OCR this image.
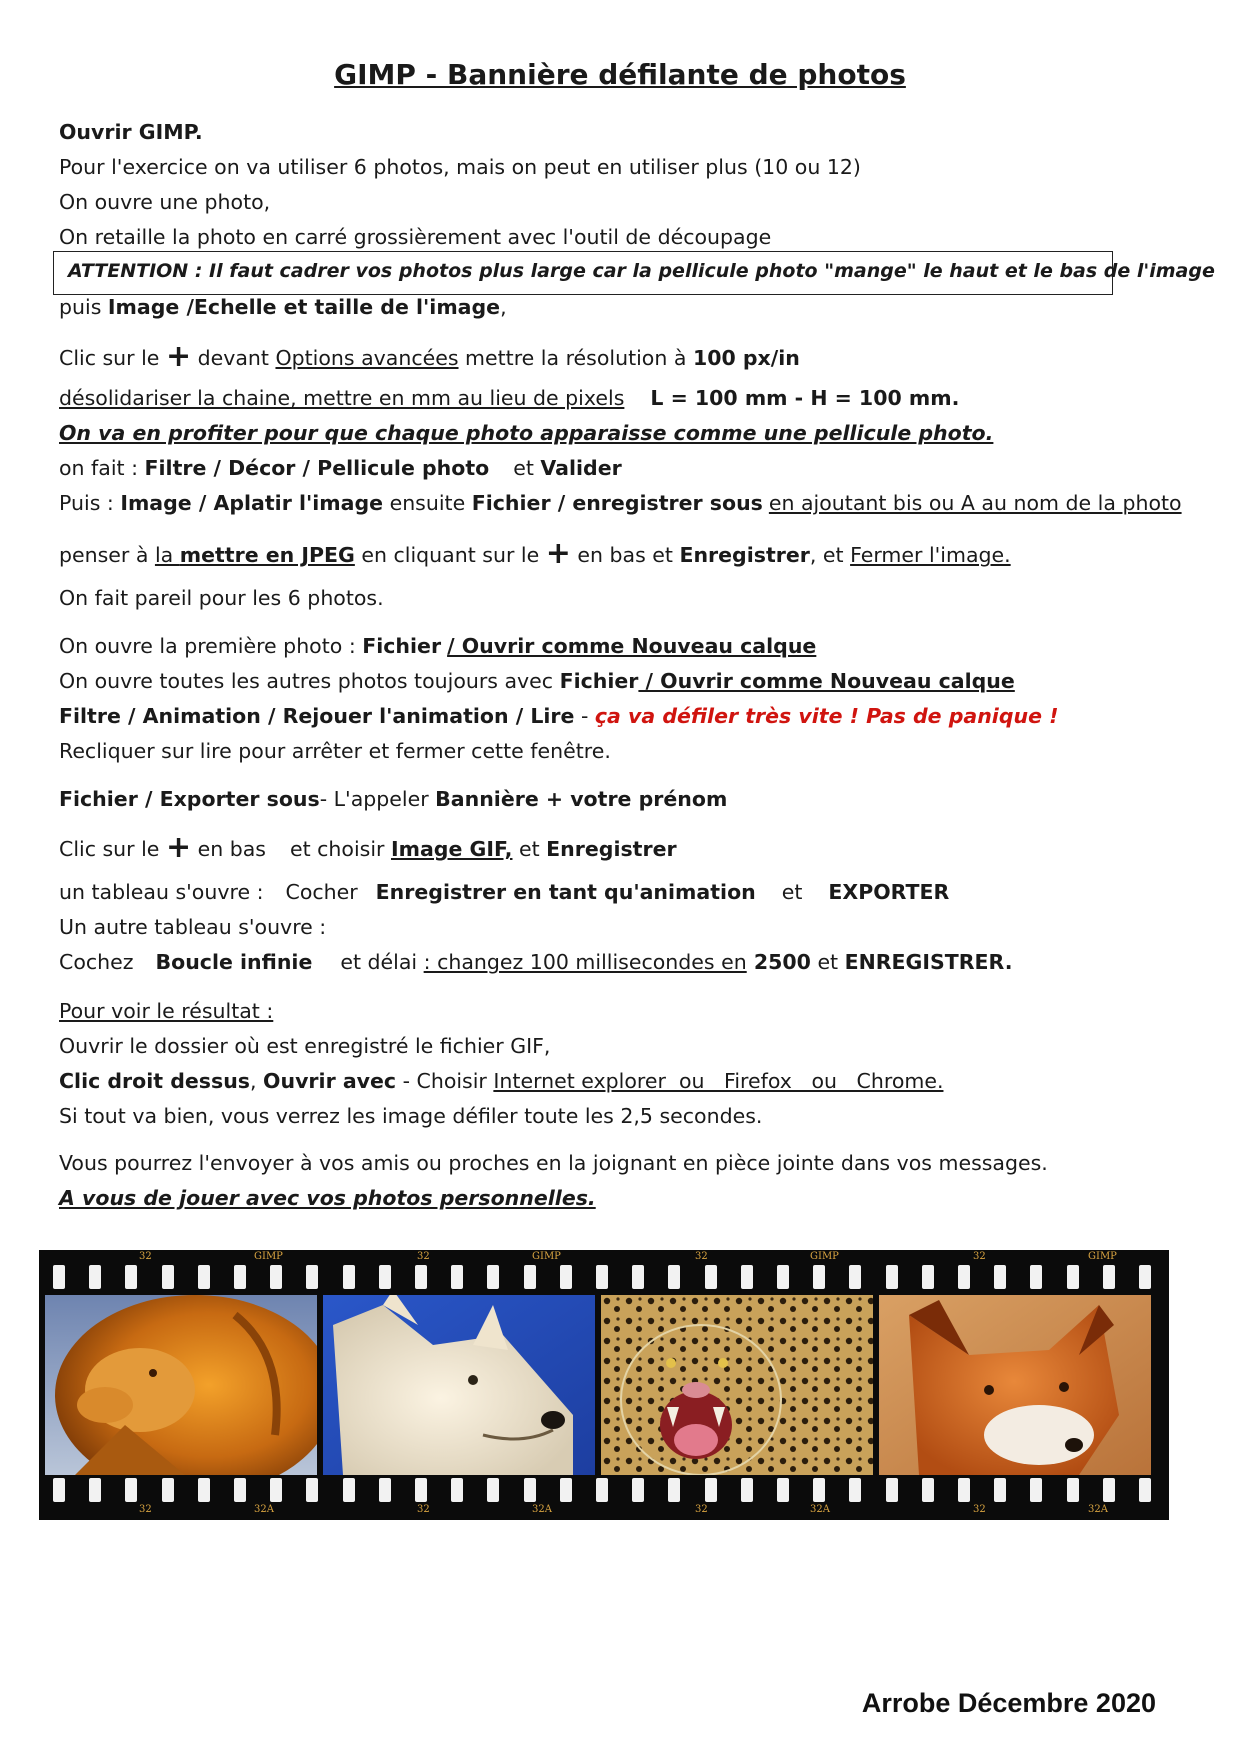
GIMP - Bannière défilante de photos
Ouvrir GIMP.
Pour l'exercice on va utiliser 6 photos, mais on peut en utiliser plus (10 ou 12)
On ouvre une photo,
On retaille la photo en carré grossièrement avec l'outil de découpage
ATTENTION : Il faut cadrer vos photos plus large car la pellicule photo "mange" le haut et le bas de l'image
puis Image /Echelle et taille de l'image,
Clic sur le + devant Options avancées mettre la résolution à 100 px/in
désolidariser la chaine, mettre en mm au lieu de pixels L = 100 mm - H = 100 mm.
On va en profiter pour que chaque photo apparaisse comme une pellicule photo.
on fait : Filtre / Décor / Pellicule photo et Valider
Puis : Image / Aplatir l'image ensuite Fichier / enregistrer sous en ajoutant bis ou A au nom de la photo
penser à la mettre en JPEG en cliquant sur le + en bas et Enregistrer, et Fermer l'image.
On fait pareil pour les 6 photos.
On ouvre la première photo : Fichier / Ouvrir comme Nouveau calque
On ouvre toutes les autres photos toujours avec Fichier / Ouvrir comme Nouveau calque
Filtre / Animation / Rejouer l'animation / Lire - ça va défiler très vite ! Pas de panique !
Recliquer sur lire pour arrêter et fermer cette fenêtre.
Fichier / Exporter sous- L'appeler Bannière + votre prénom
Clic sur le + en bas et choisir Image GIF, et Enregistrer
un tableau s'ouvre : Cocher Enregistrer en tant qu'animation et EXPORTER
Un autre tableau s'ouvre :
Cochez Boucle infinie et délai : changez 100 millisecondes en 2500 et ENREGISTRER.
Pour voir le résultat :
Ouvrir le dossier où est enregistré le fichier GIF,
Clic droit dessus, Ouvrir avec - Choisir Internet explorer  ou   Firefox   ou   Chrome.
Si tout va bien, vous verrez les image défiler toute les 2,5 secondes.
Vous pourrez l'envoyer à vos amis ou proches en la joignant en pièce jointe dans vos messages.
A vous de jouer avec vos photos personnelles.
32	GIMP	32	GIMP	32	GIMP	32	GIMP
32	32A	32	32A	32	32A	32	32A
Arrobe Décembre 2020
